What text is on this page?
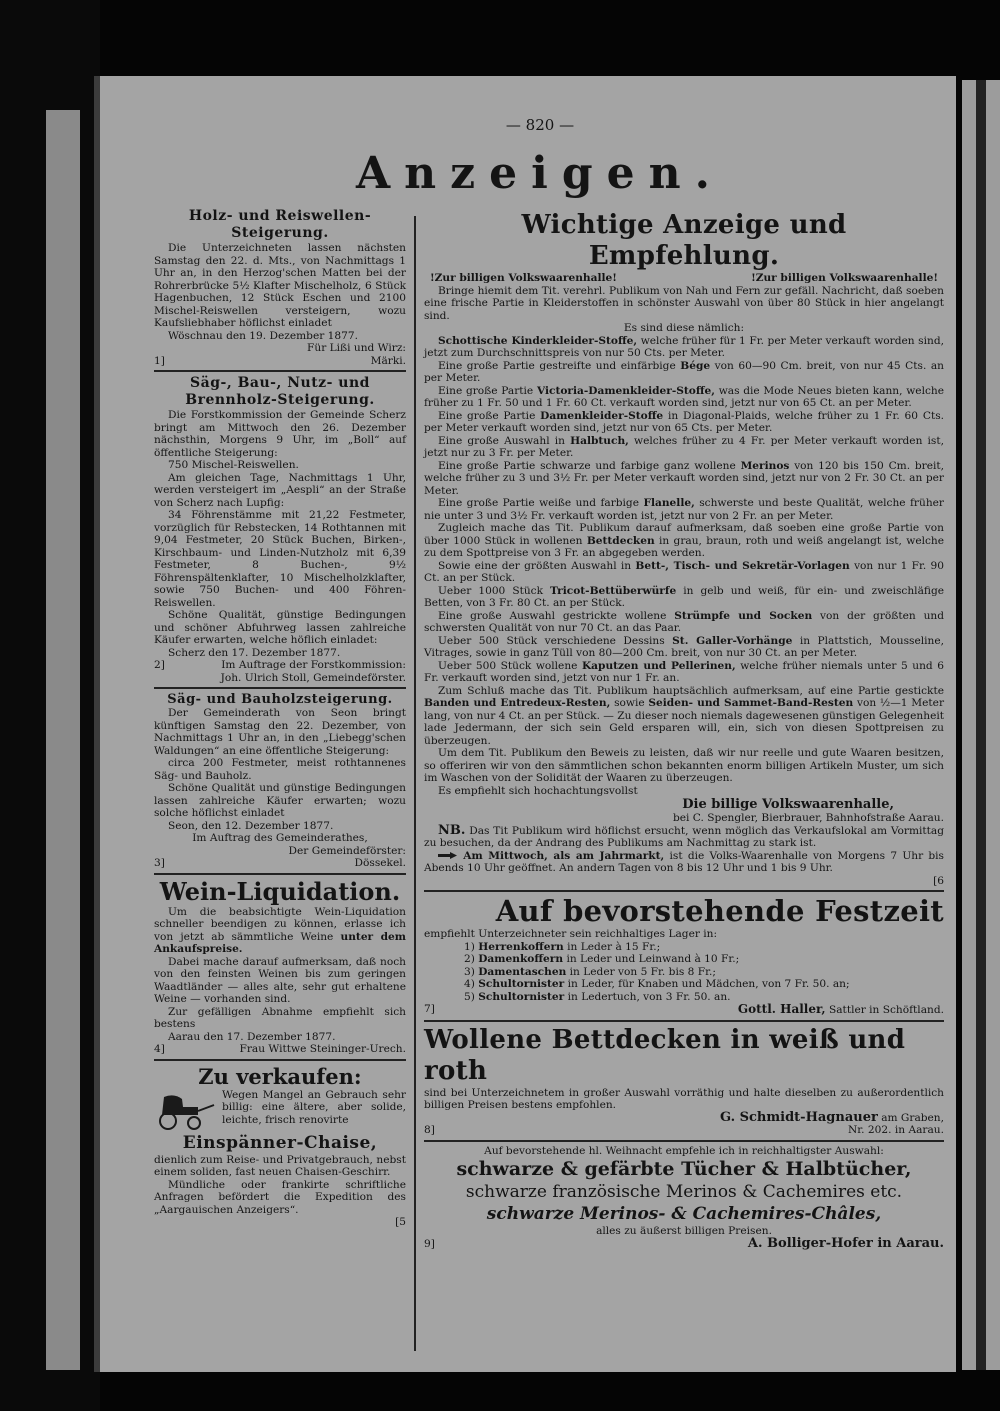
— 820 —
Anzeigen.
Holz- und Reiswellen-Steigerung.
Die Unterzeichneten lassen nächsten Samstag den 22. d. Mts., von Nachmittags 1 Uhr an, in den Herzog'schen Matten bei der Rohrerbrücke 5½ Klafter Mischelholz, 6 Stück Hagenbuchen, 12 Stück Eschen und 2100 Mischel-Reiswellen versteigern, wozu Kaufsliebhaber höflichst einladet
Wöschnau den 19. Dezember 1877.
Für Lißi und Wirz:
1]	Märki.
Säg-, Bau-, Nutz- und Brennholz-Steigerung.
Die Forstkommission der Gemeinde Scherz bringt am Mittwoch den 26. Dezember nächsthin, Morgens 9 Uhr, im „Boll“ auf öffentliche Steigerung:
750 Mischel-Reiswellen.
Am gleichen Tage, Nachmittags 1 Uhr, werden versteigert im „Aespli“ an der Straße von Scherz nach Lupfig:
34 Föhrenstämme mit 21,22 Festmeter, vorzüglich für Rebstecken, 14 Rothtannen mit 9,04 Festmeter, 20 Stück Buchen, Birken-, Kirschbaum- und Linden-Nutzholz mit 6,39 Festmeter, 8 Buchen-, 9½ Föhrenspältenklafter, 10 Mischelholzklafter, sowie 750 Buchen- und 400 Föhren-Reiswellen.
Schöne Qualität, günstige Bedingungen und schöner Abfuhrweg lassen zahlreiche Käufer erwarten, welche höflich einladet:
Scherz den 17. Dezember 1877.
2]	Im Auftrage der Forstkommission:
Joh. Ulrich Stoll, Gemeindeförster.
Säg- und Bauholzsteigerung.
Der Gemeinderath von Seon bringt künftigen Samstag den 22. Dezember, von Nachmittags 1 Uhr an, in den „Liebegg'schen Waldungen“ an eine öffentliche Steigerung:
circa 200 Festmeter, meist rothtannenes Säg- und Bauholz.
Schöne Qualität und günstige Bedingungen lassen zahlreiche Käufer erwarten; wozu solche höflichst einladet
Seon, den 12. Dezember 1877.
Im Auftrag des Gemeinderathes,
Der Gemeindeförster:
3]	Dössekel.
Wein-Liquidation.
Um die beabsichtigte Wein-Liquidation schneller beendigen zu können, erlasse ich von jetzt ab sämmtliche Weine unter dem Ankaufspreise.
Dabei mache darauf aufmerksam, daß noch von den feinsten Weinen bis zum geringen Waadtländer — alles alte, sehr gut erhaltene Weine — vorhanden sind.
Zur gefälligen Abnahme empfiehlt sich bestens
Aarau den 17. Dezember 1877.
4]	Frau Wittwe Steininger-Urech.
Zu verkaufen:
Wegen Mangel an Gebrauch sehr billig: eine ältere, aber solide, leichte, frisch renovirte
Einspänner-Chaise,
dienlich zum Reise- und Privatgebrauch, nebst einem soliden, fast neuen Chaisen-Geschirr.
Mündliche oder frankirte schriftliche Anfragen befördert die Expedition des „Aargauischen Anzeigers“.
[5
Wichtige Anzeige und Empfehlung.
!Zur billigen Volkswaarenhalle!	!Zur billigen Volkswaarenhalle!
Bringe hiemit dem Tit. verehrl. Publikum von Nah und Fern zur gefäll. Nachricht, daß soeben eine frische Partie in Kleiderstoffen in schönster Auswahl von über 80 Stück in hier angelangt sind.
Es sind diese nämlich:
Schottische Kinderkleider-Stoffe, welche früher für 1 Fr. per Meter verkauft worden sind, jetzt zum Durchschnittspreis von nur 50 Cts. per Meter.
Eine große Partie gestreifte und einfärbige Bége von 60—90 Cm. breit, von nur 45 Cts. an per Meter.
Eine große Partie Victoria-Damenkleider-Stoffe, was die Mode Neues bieten kann, welche früher zu 1 Fr. 50 und 1 Fr. 60 Ct. verkauft worden sind, jetzt nur von 65 Ct. an per Meter.
Eine große Partie Damenkleider-Stoffe in Diagonal-Plaids, welche früher zu 1 Fr. 60 Cts. per Meter verkauft worden sind, jetzt nur von 65 Cts. per Meter.
Eine große Auswahl in Halbtuch, welches früher zu 4 Fr. per Meter verkauft worden ist, jetzt nur zu 3 Fr. per Meter.
Eine große Partie schwarze und farbige ganz wollene Merinos von 120 bis 150 Cm. breit, welche früher zu 3 und 3½ Fr. per Meter verkauft worden sind, jetzt nur von 2 Fr. 30 Ct. an per Meter.
Eine große Partie weiße und farbige Flanelle, schwerste und beste Qualität, welche früher nie unter 3 und 3½ Fr. verkauft worden ist, jetzt nur von 2 Fr. an per Meter.
Zugleich mache das Tit. Publikum darauf aufmerksam, daß soeben eine große Partie von über 1000 Stück in wollenen Bettdecken in grau, braun, roth und weiß angelangt ist, welche zu dem Spottpreise von 3 Fr. an abgegeben werden.
Sowie eine der größten Auswahl in Bett-, Tisch- und Sekretär-Vorlagen von nur 1 Fr. 90 Ct. an per Stück.
Ueber 1000 Stück Tricot-Bettüberwürfe in gelb und weiß, für ein- und zweischläfige Betten, von 3 Fr. 80 Ct. an per Stück.
Eine große Auswahl gestrickte wollene Strümpfe und Socken von der größten und schwersten Qualität von nur 70 Ct. an das Paar.
Ueber 500 Stück verschiedene Dessins St. Galler-Vorhänge in Plattstich, Mousseline, Vitrages, sowie in ganz Tüll von 80—200 Cm. breit, von nur 30 Ct. an per Meter.
Ueber 500 Stück wollene Kaputzen und Pellerinen, welche früher niemals unter 5 und 6 Fr. verkauft worden sind, jetzt von nur 1 Fr. an.
Zum Schluß mache das Tit. Publikum hauptsächlich aufmerksam, auf eine Partie gestickte Banden und Entredeux-Resten, sowie Seiden- und Sammet-Band-Resten von ½—1 Meter lang, von nur 4 Ct. an per Stück. — Zu dieser noch niemals dagewesenen günstigen Gelegenheit lade Jedermann, der sich sein Geld ersparen will, ein, sich von diesen Spottpreisen zu überzeugen.
Um dem Tit. Publikum den Beweis zu leisten, daß wir nur reelle und gute Waaren besitzen, so offeriren wir von den sämmtlichen schon bekannten enorm billigen Artikeln Muster, um sich im Waschen von der Solidität der Waaren zu überzeugen.
Es empfiehlt sich hochachtungsvollst
Die billige Volkswaarenhalle,
bei C. Spengler, Bierbrauer, Bahnhofstraße Aarau.
NB. Das Tit Publikum wird höflichst ersucht, wenn möglich das Verkaufslokal am Vormittag zu besuchen, da der Andrang des Publikums am Nachmittag zu stark ist.
Am Mittwoch, als am Jahrmarkt, ist die Volks-Waarenhalle von Morgens 7 Uhr bis Abends 10 Uhr geöffnet. An andern Tagen von 8 bis 12 Uhr und 1 bis 9 Uhr.
[6
Auf bevorstehende Festzeit
empfiehlt Unterzeichneter sein reichhaltiges Lager in:
1) Herrenkoffern in Leder à 15 Fr.;
2) Damenkoffern in Leder und Leinwand à 10 Fr.;
3) Damentaschen in Leder von 5 Fr. bis 8 Fr.;
4) Schultornister in Leder, für Knaben und Mädchen, von 7 Fr. 50. an;
5) Schultornister in Ledertuch, von 3 Fr. 50. an.
7]	Gottl. Haller, Sattler in Schöftland.
Wollene Bettdecken in weiß und roth
sind bei Unterzeichnetem in großer Auswahl vorräthig und halte dieselben zu außerordentlich billigen Preisen bestens empfohlen.
G. Schmidt-Hagnauer am Graben,
8]	Nr. 202. in Aarau.
Auf bevorstehende hl. Weihnacht empfehle ich in reichhaltigster Auswahl:
schwarze & gefärbte Tücher & Halbtücher,
schwarze französische Merinos & Cachemires etc.
schwarze Merinos- & Cachemires-Châles,
alles zu äußerst billigen Preisen.
9]	A. Bolliger-Hofer in Aarau.
